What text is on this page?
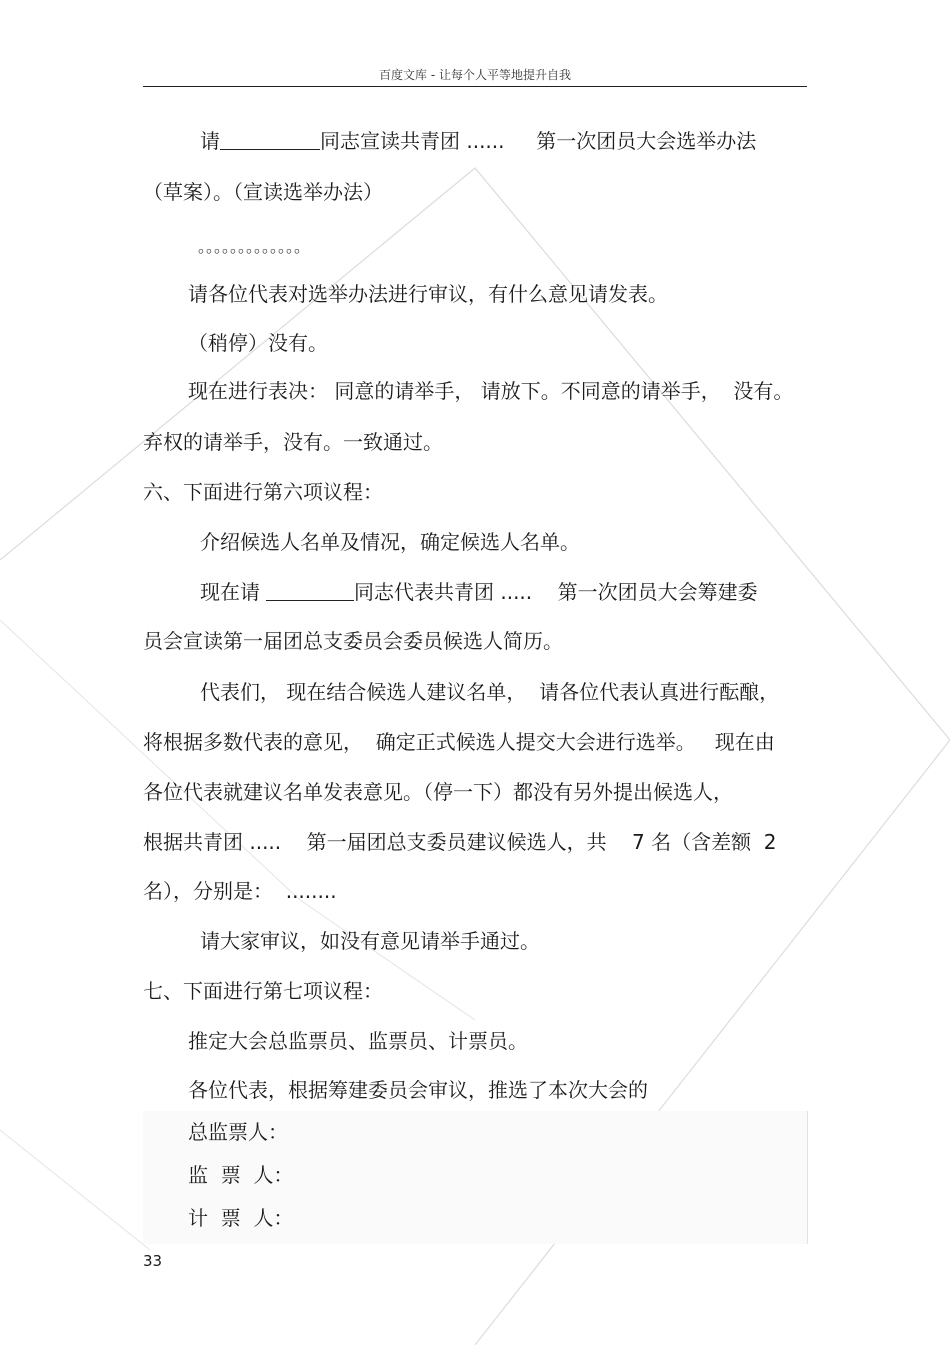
百度文库 - 让每个人平等地提升自我
请	同志宣读共青团 ......     第一次团员大会选举办法
（草案）。（宣读选举办法）
。。。。。。。。。。。。。
请各位代表对选举办法进行审议，有什么意见请发表。
（稍停）没有。
现在进行表决： 同意的请举手， 请放下。不同意的请举手，  没有。
弃权的请举手，没有。一致通过。
六、下面进行第六项议程：
介绍候选人名单及情况，确定候选人名单。
现在请	同志代表共青团 .....    第一次团员大会筹建委
员会宣读第一届团总支委员会委员候选人简历。
代表们， 现在结合候选人建议名单，  请各位代表认真进行酝酿，
将根据多数代表的意见，  确定正式候选人提交大会进行选举。   现在由
各位代表就建议名单发表意见。（停一下）都没有另外提出候选人，
根据共青团 .....    第一届团总支委员建议候选人，共    7 名（含差额  2
名），分别是：  ........
请大家审议，如没有意见请举手通过。
七、下面进行第七项议程：
推定大会总监票员、监票员、计票员。
各位代表，根据筹建委员会审议，推选了本次大会的
总监票人：
监  票  人：
计  票  人：
33
